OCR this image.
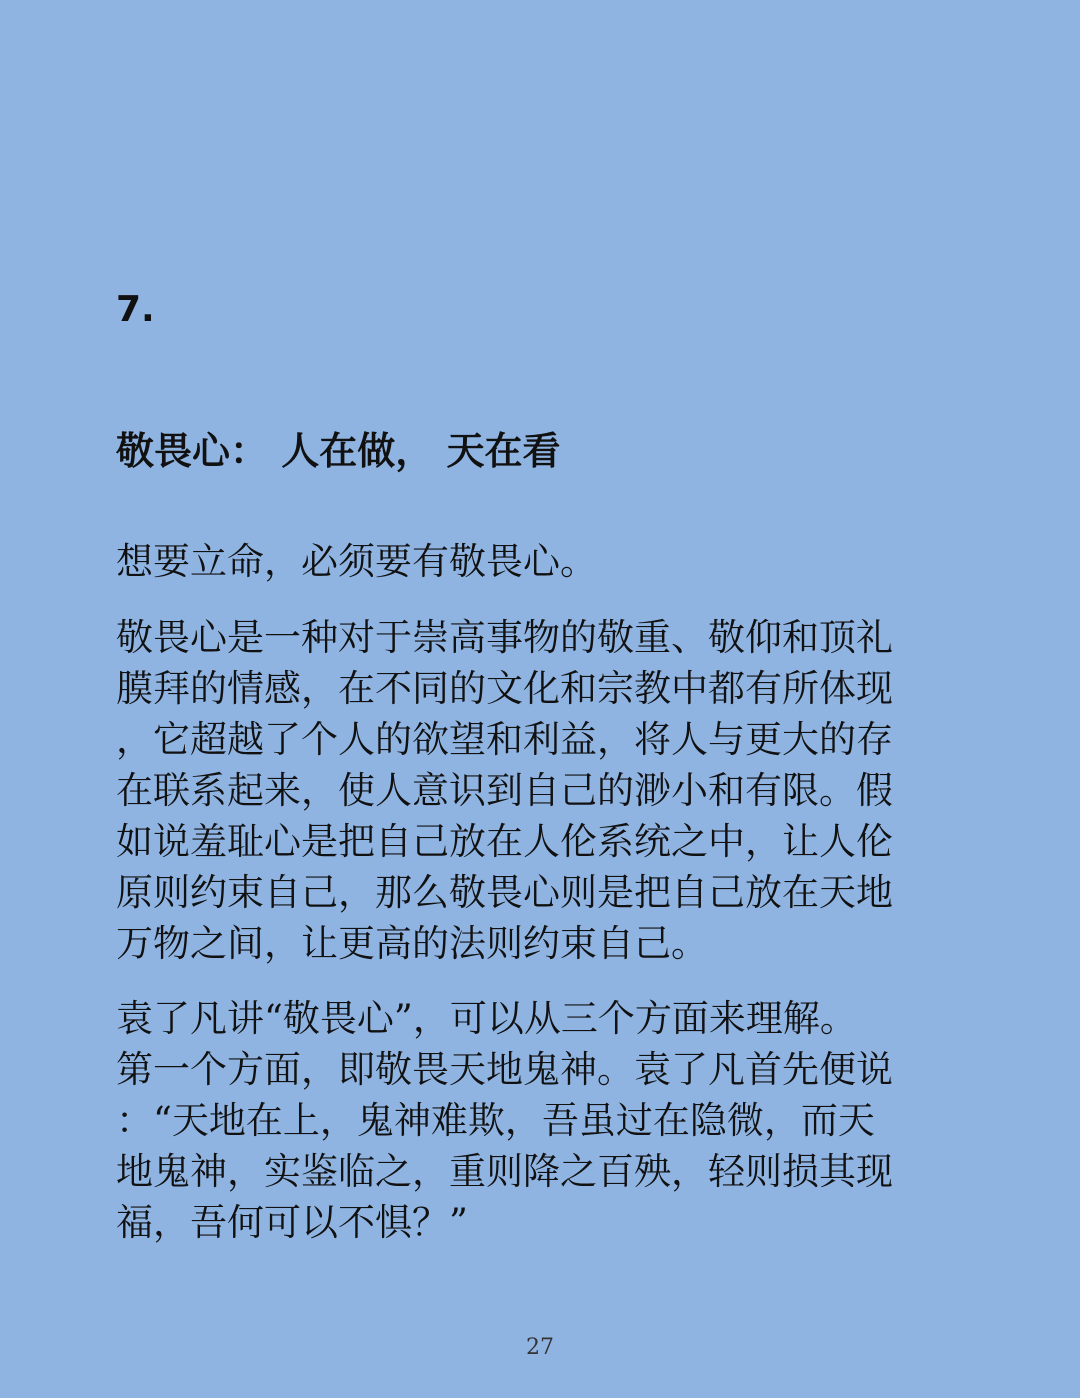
7.
敬畏心： 人在做， 天在看

想要立命，必须要有敬畏心。

敬畏心是一种对于崇高事物的敬重、敬仰和顶礼
膜拜的情感，在不同的文化和宗教中都有所体现
，它超越了个人的欲望和利益，将人与更大的存
在联系起来，使人意识到自己的渺小和有限。假
如说羞耻心是把自己放在人伦系统之中，让人伦
原则约束自己，那么敬畏心则是把自己放在天地
万物之间，让更高的法则约束自己。

袁了凡讲“敬畏心”，可以从三个方面来理解。
第一个方面，即敬畏天地鬼神。袁了凡首先便说
：“天地在上，鬼神难欺，吾虽过在隐微，而天
地鬼神，实鉴临之，重则降之百殃，轻则损其现
福，吾何可以不惧？”

27
